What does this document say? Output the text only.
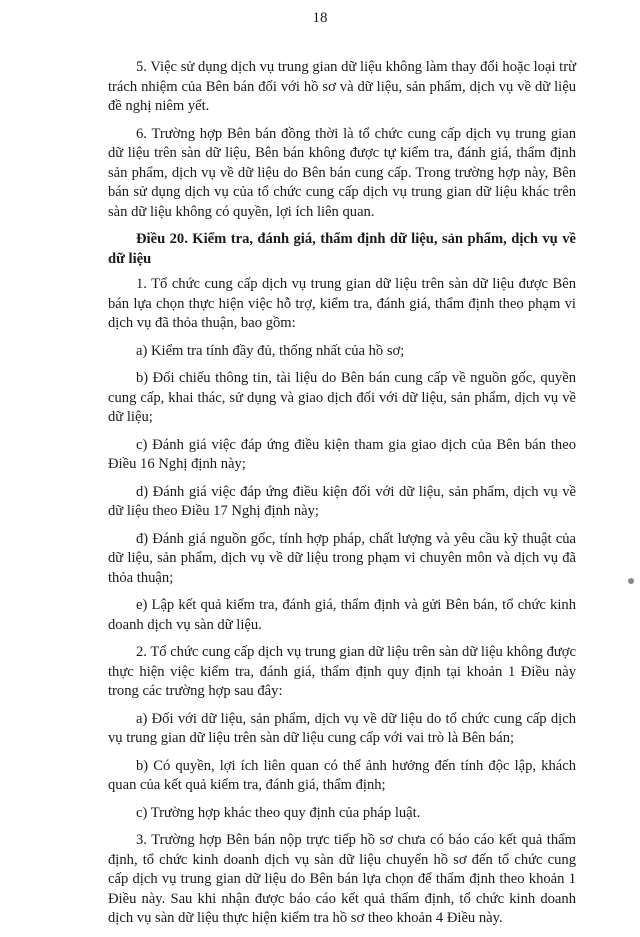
18

5. Việc sử dụng dịch vụ trung gian dữ liệu không làm thay đổi hoặc loại trừ trách nhiệm của Bên bán đối với hồ sơ và dữ liệu, sản phẩm, dịch vụ về dữ liệu đề nghị niêm yết.

6. Trường hợp Bên bán đồng thời là tổ chức cung cấp dịch vụ trung gian dữ liệu trên sàn dữ liệu, Bên bán không được tự kiểm tra, đánh giá, thẩm định sản phẩm, dịch vụ về dữ liệu do Bên bán cung cấp. Trong trường hợp này, Bên bán sử dụng dịch vụ của tổ chức cung cấp dịch vụ trung gian dữ liệu khác trên sàn dữ liệu không có quyền, lợi ích liên quan.

Điều 20. Kiểm tra, đánh giá, thẩm định dữ liệu, sản phẩm, dịch vụ về dữ liệu

1. Tổ chức cung cấp dịch vụ trung gian dữ liệu trên sàn dữ liệu được Bên bán lựa chọn thực hiện việc hỗ trợ, kiểm tra, đánh giá, thẩm định theo phạm vi dịch vụ đã thỏa thuận, bao gồm:

a) Kiểm tra tính đầy đủ, thống nhất của hồ sơ;

b) Đối chiếu thông tin, tài liệu do Bên bán cung cấp về nguồn gốc, quyền cung cấp, khai thác, sử dụng và giao dịch đối với dữ liệu, sản phẩm, dịch vụ về dữ liệu;

c) Đánh giá việc đáp ứng điều kiện tham gia giao dịch của Bên bán theo Điều 16 Nghị định này;

d) Đánh giá việc đáp ứng điều kiện đối với dữ liệu, sản phẩm, dịch vụ về dữ liệu theo Điều 17 Nghị định này;

đ) Đánh giá nguồn gốc, tính hợp pháp, chất lượng và yêu cầu kỹ thuật của dữ liệu, sản phẩm, dịch vụ về dữ liệu trong phạm vi chuyên môn và dịch vụ đã thỏa thuận;

e) Lập kết quả kiểm tra, đánh giá, thẩm định và gửi Bên bán, tổ chức kinh doanh dịch vụ sàn dữ liệu.

2. Tổ chức cung cấp dịch vụ trung gian dữ liệu trên sàn dữ liệu không được thực hiện việc kiểm tra, đánh giá, thẩm định quy định tại khoản 1 Điều này trong các trường hợp sau đây:

a) Đối với dữ liệu, sản phẩm, dịch vụ về dữ liệu do tổ chức cung cấp dịch vụ trung gian dữ liệu trên sàn dữ liệu cung cấp với vai trò là Bên bán;

b) Có quyền, lợi ích liên quan có thể ảnh hưởng đến tính độc lập, khách quan của kết quả kiểm tra, đánh giá, thẩm định;

c) Trường hợp khác theo quy định của pháp luật.

3. Trường hợp Bên bán nộp trực tiếp hồ sơ chưa có báo cáo kết quả thẩm định, tổ chức kinh doanh dịch vụ sàn dữ liệu chuyển hồ sơ đến tổ chức cung cấp dịch vụ trung gian dữ liệu do Bên bán lựa chọn để thẩm định theo khoản 1 Điều này. Sau khi nhận được báo cáo kết quả thẩm định, tổ chức kinh doanh dịch vụ sàn dữ liệu thực hiện kiểm tra hồ sơ theo khoản 4 Điều này.
